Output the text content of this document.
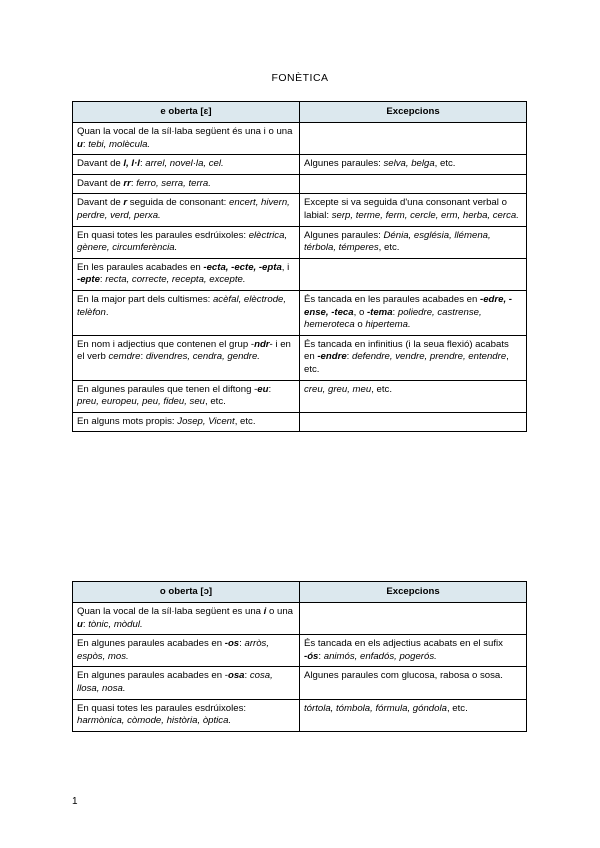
FONÈTICA
e oberta [ɛ]	Excepcions
Quan la vocal de la síl·laba següent és una i o una u: tebi, molècula.	
Davant de l, l·l: arrel, novel·la, cel.	Algunes paraules: selva, belga, etc.
Davant de rr: ferro, serra, terra.	
Davant de r seguida de consonant: encert, hivern, perdre, verd, perxa.	Excepte si va seguida d'una consonant verbal o labial: serp, terme, ferm, cercle, erm, herba, cerca.
En quasi totes les paraules esdrúixoles: elèctrica, gènere, circumferència.	Algunes paraules: Dénia, església, llémena, térbola, témperes, etc.
En les paraules acabades en -ecta, -ecte, -epta, i -epte: recta, correcte, recepta, excepte.	
En la major part dels cultismes: acèfal, elèctrode, telèfon.	És tancada en les paraules acabades en -edre, -ense, -teca, o -tema: poliedre, castrense, hemeroteca o hipertema.
En nom i adjectius que contenen el grup -ndr- i en el verb cemdre: divendres, cendra, gendre.	És tancada en infinitius (i la seua flexió) acabats en -endre: defendre, vendre, prendre, entendre, etc.
En algunes paraules que tenen el diftong -eu: preu, europeu, peu, fideu, seu, etc.	creu, greu, meu, etc.
En alguns mots propis: Josep, Vicent, etc.	
o oberta [ɔ]	Excepcions
Quan la vocal de la síl·laba següent es una i o una u: tònic, mòdul.	
En algunes paraules acabades en -os: arròs, espòs, mos.	És tancada en els adjectius acabats en el sufix -ós: animós, enfadós, pogerós.
En algunes paraules acabades en -osa: cosa, llosa, nosa.	Algunes paraules com glucosa, rabosa o sosa.
En quasi totes les paraules esdrúixoles: harmònica, còmode, història, òptica.	tórtola, tómbola, fórmula, góndola, etc.
1
